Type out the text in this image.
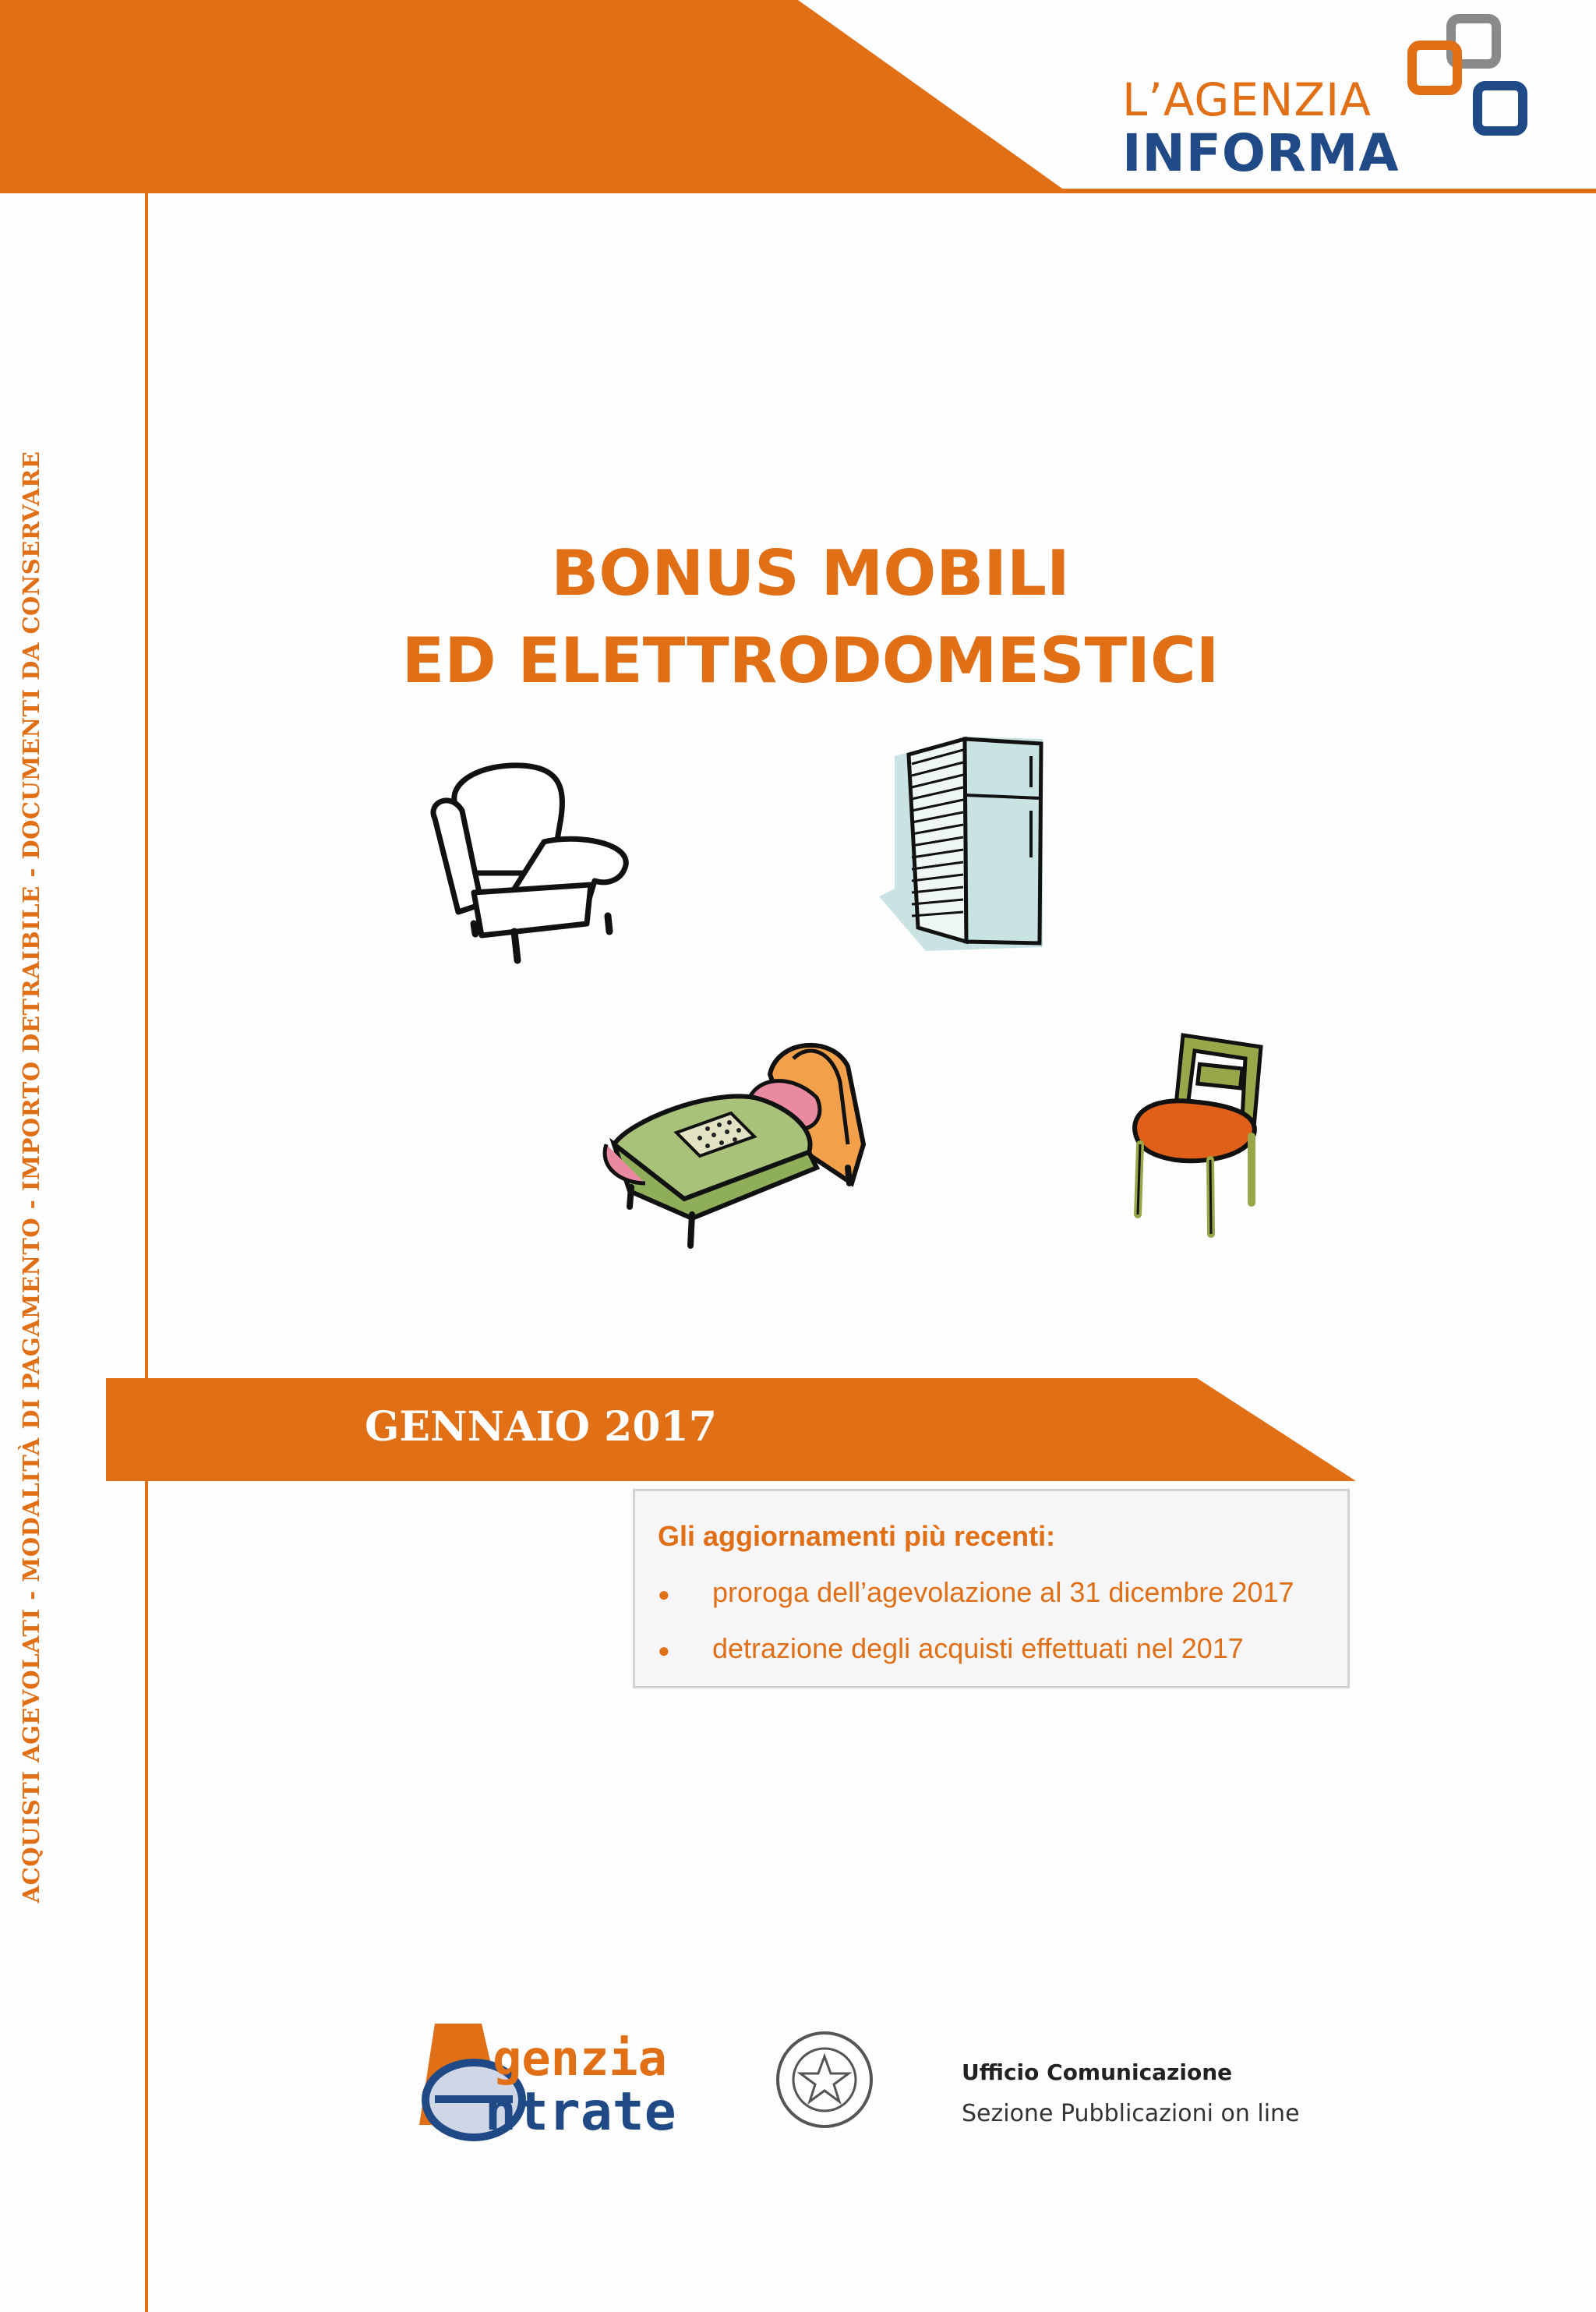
L’AGENZIA
INFORMA
ACQUISTI AGEVOLATI - MODALITÀ DI PAGAMENTO - IMPORTO DETRAIBILE - DOCUMENTI DA CONSERVARE	BONUS MOBILI
ED ELETTRODOMESTICI
GENNAIO 2017
Gli aggiornamenti più recenti:
● proroga dell’agevolazione al 31 dicembre 2017
● detrazione degli acquisti effettuati nel 2017
genzia
ntrate
Ufficio Comunicazione
Sezione Pubblicazioni on line
